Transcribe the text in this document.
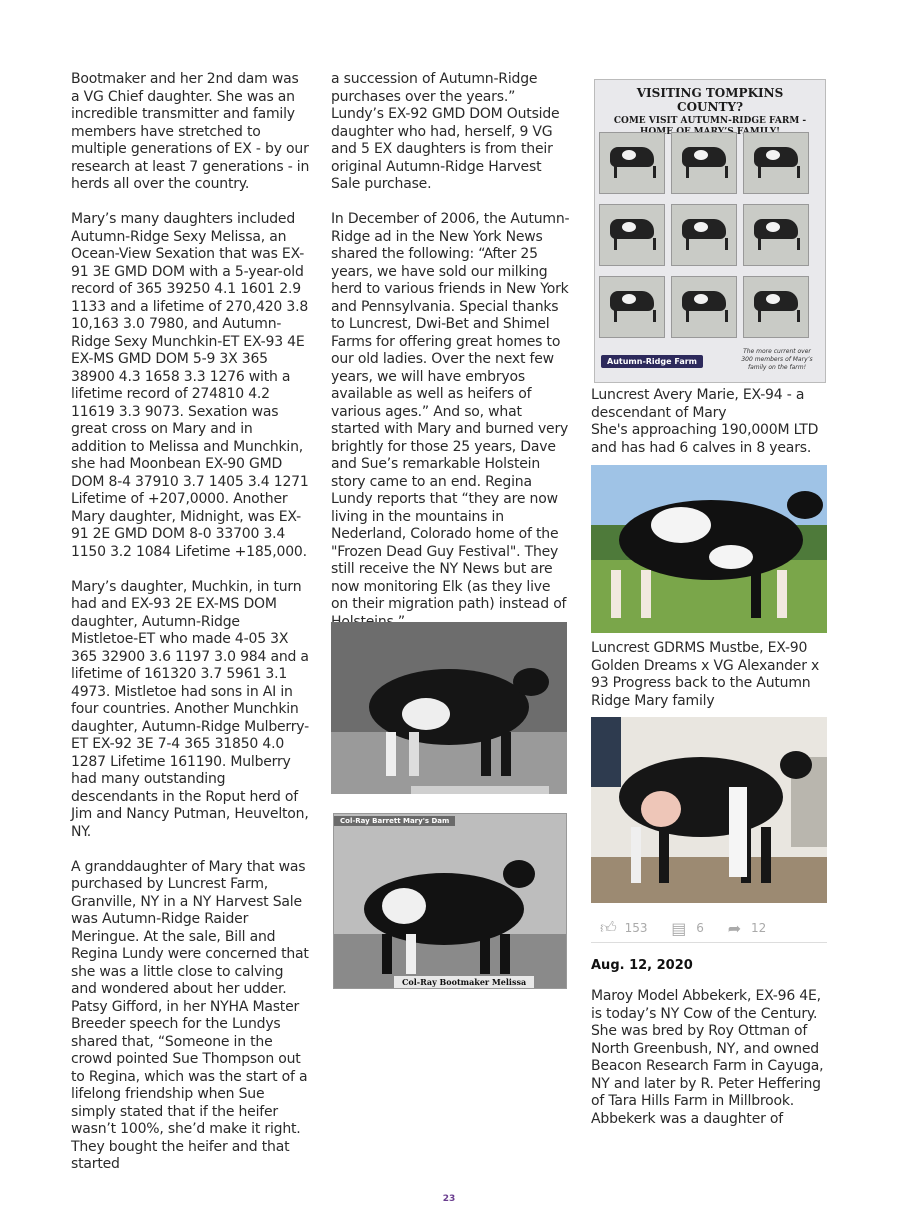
Bootmaker and her 2nd dam was a VG Chief daughter. She was an incredible transmitter and family members have stretched to multiple generations of EX - by our research at least 7 generations - in herds all over the country.

Mary’s many daughters included Autumn-Ridge Sexy Melissa, an Ocean-View Sexation that was EX-91 3E GMD DOM with a 5-year-old record of 365 39250 4.1 1601 2.9 1133 and a lifetime of 270,420 3.8 10,163 3.0 7980, and Autumn-Ridge Sexy Munchkin-ET EX-93 4E EX-MS GMD DOM 5-9 3X 365 38900 4.3 1658 3.3 1276 with a lifetime record of 274810 4.2 11619 3.3 9073. Sexation was great cross on Mary and in addition to Melissa and Munchkin, she had Moonbean EX-90 GMD DOM 8-4 37910 3.7 1405 3.4 1271 Lifetime of +207,0000. Another Mary daughter, Midnight, was EX-91 2E GMD DOM 8-0 33700 3.4 1150 3.2 1084 Lifetime +185,000.

Mary’s daughter, Muchkin, in turn had and EX-93 2E EX-MS DOM daughter, Autumn-Ridge Mistletoe-ET who made 4-05 3X 365 32900 3.6 1197 3.0 984 and a lifetime of 161320 3.7 5961 3.1 4973. Mistletoe had sons in AI in four countries. Another Munchkin daughter, Autumn-Ridge Mulberry-ET EX-92 3E 7-4 365 31850 4.0 1287 Lifetime 161190. Mulberry had many outstanding descendants in the Roput herd of Jim and Nancy Putman, Heuvelton, NY.

A granddaughter of Mary that was purchased by Luncrest Farm, Granville, NY in a NY Harvest Sale was Autumn-Ridge Raider Meringue. At the sale, Bill and Regina Lundy were concerned that she was a little close to calving and wondered about her udder. Patsy Gifford, in her NYHA Master Breeder speech for the Lundys shared that, “Someone in the crowd pointed Sue Thompson out to Regina, which was the start of a lifelong friendship when Sue simply stated that if the heifer wasn’t 100%, she’d make it right. They bought the heifer and that started

a succession of Autumn-Ridge purchases over the years.” Lundy’s EX-92 GMD DOM Outside daughter who had, herself, 9 VG and 5 EX daughters is from their original Autumn-Ridge Harvest Sale purchase.

In December of 2006, the Autumn-Ridge ad in the New York News shared the following: “After 25 years, we have sold our milking herd to various friends in New York and Pennsylvania. Special thanks to Luncrest, Dwi-Bet and Shimel Farms for offering great homes to our old ladies. Over the next few years, we will have embryos available as well as heifers of various ages.” And so, what started with Mary and burned very brightly for those 25 years, Dave and Sue’s remarkable Holstein story came to an end. Regina Lundy reports that “they are now living in the mountains in Nederland, Colorado home of the "Frozen Dead Guy Festival". They still receive the NY News but are now monitoring Elk (as they live on their migration path) instead of

Col-Ray Barrett Mary's Dam
Col-Ray Bootmaker Melissa
VISITING TOMPKINS COUNTY?
COME VISIT AUTUMN-RIDGE FARM -
Autumn-Ridge Farm
The more current over 300 members of Mary’s family on the farm!
Luncrest Avery Marie, EX-94 - a descendant of Mary
She's approaching 190,000M LTD and has had 6 calves in 8 years.
Luncrest GDRMS Mustbe, EX-90 Golden Dreams x VG Alexander x 93 Progress back to the Autumn Ridge Mary family
👍︎ 153 ▤ 6 ➦ 12
Aug. 12, 2020

Maroy Model Abbekerk, EX-96 4E, is today’s NY Cow of the Century. She was bred by Roy Ottman of North Greenbush, NY, and owned Beacon Research Farm in Cayuga, NY and later by R. Peter Heffering of Tara Hills Farm in Millbrook. Abbekerk was a daughter of

23
